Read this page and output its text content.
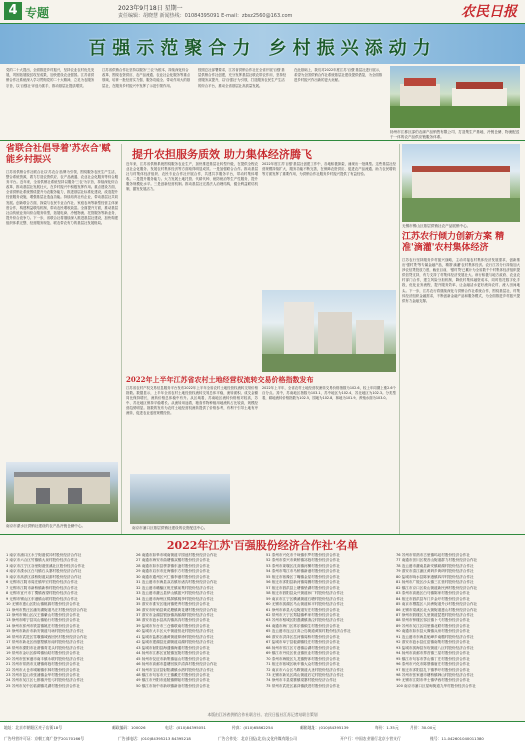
4 专题	2023年9月18日 星期一
责任编辑：胡晓慧 新闻热线：01084395091 E-mail：zbsz2560@163.com	农民日报
百强示范聚合力 乡村振兴添动力
党的二十大提出，全面推进乡村振兴，坚持农业农村优先发展，巩固拓展脱贫攻坚成果，加快建设农业强国。江苏省供销合作社系统深入学习贯彻党的二十大精神，立足为农服务宗旨，以'百强社'评选为抓手，推动基层社提质增效。
江苏省供销合作社坚持以服务'三农'为根本，持续深化综合改革，围绕农资供应、农产品流通、农业社会化服务等重点领域，培育一批经营实力强、服务功能全、带动作用大的基层社，在服务乡村振兴中发挥了示范引领作用。
按照总社部署要求，江苏省供销合作社在全省开展'百强'基层供销合作社创建，充分发挥基层社联农带农作用，坚持经营服务双提升，以'百强社'为引领，打造服务农民生产生活的综合平台，推动全省基层社高质量发展。
在此基础上，我们对2022年度江苏'百强'基层社进行展示，希望为全国供销合作社系统基层社建设提供借鉴，为全面推进乡村振兴作出新的更大贡献。
扬州市江都区邵伯农副产品销售有限公司，打造集生产基地、冷链仓储、物流配送于一体的农产品供应链服务体系。
省联合社倡导着'苏农合'赋能乡村振兴
江苏省供销合作社联合社以'苏农合'品牌为引领，围绕服务农民生产生活，整合系统资源，着力打造农资供应、农产品流通、农业社会化服务等综合服务平台。近年来，全省供销社系统坚持以服务'三农'为宗旨，持续深化综合改革，推动基层社发展壮大，在乡村振兴中积极发挥作用。重点建设方面，全省供销社系统围绕提升为农服务能力，推进基层社标准化建设，改造提升经营服务设施，增强基层社造血功能。持续培育社有企业，带动基层社共同发展。创新联合方面，探索与农民专业合作社、家庭农场等新型经营主体深度合作，构建利益联结机制，带动农民增收致富。全面提升方面，推动基层社由传统业务向综合服务转型，拓展电商、冷链物流、托管服务等新业务，提升综合竞争力。下一步，省联合社将继续深入推进基层社建设，加快构建组织体系完整、经营服务规范、联农带农有力的基层社发展格局。
南京市溧水区供销社建设的农产品冷链仓储中心。
提升农担服务质效 助力集体经济腾飞
近年来，江苏省供销系统围绕服务农业生产，加快推进基层社转型升级，在提供全程农业社会化服务、发展农村集体经济等方面取得明显成效。一是加强联合合作。推动基层社与村集体经济组织、农民专业合作社开展合作，共建共享服务平台，带动村集体增收。二是提升服务能力。大力发展土地托管、代耕代种、统防统治等生产性服务，提升服务规模化水平。三是创新经营机制。推动基层社完善法人治理结构，健全利益联结机制，激发发展活力。
2022年度江苏'百强'基层社创建工作中，各地积极探索，涌现出一批典型。这些基层社经营规模持续扩大，服务功能不断完善，在保障农资供应、促进农产品流通、助力农民增收等方面发挥了重要作用，为供销合作社服务乡村振兴提供了有益经验。
2022年上半年江苏省农村土地经营权流转交易价格指数发布
江苏省农村产权交易信息服务平台发布2022年上半年全省农村土地经营权流转交易价格指数。数据显示，上半年全省农村土地经营权流转交易总体平稳，流转面积、成交金额同比保持增长，流转价格总体稳中有升。从区域看，苏南地区流转价格相对较高，苏中、苏北地区保持平稳增长。从流转用途看，粮食作物种植用地流转占比较高，规模经营趋势明显。指数的发布为农村土地经营权流转提供了价格参考，有利于引导土地有序流转，促进农业适度规模经营。
2022年上半年，全省农村土地经营权流转交易价格指数为102.6，较上年同期上涨2.6个百分点。其中，苏南地区指数为103.1，苏中地区为102.4，苏北地区为102.3。分类型看，耕地流转价格指数为102.5，园地为102.8，林地为101.9，养殖水面为103.0。
南京市浦口区基层供销社建设的农资配送中心。
无锡市锡山区基层供销社农产品展销中心。
江苏农行倾力创新方案 精准'滴灌'农村集体经济
江苏农行坚持服务乡村振兴战略，主动对接农村集体经济发展需求，创新推出'强村贷'等专属金融产品，精准'滴灌'农村集体经济。农行江苏分行持续加大涉农信贷投放力度，截至目前，'强村贷'已累计为全省数千个村集体经济组织提供信贷支持，有力支持了村集体经济发展壮大。该行积极与地方政府、农业农村部门合作，建立风险分担机制，降低村集体融资成本，同时依托数字化手段，优化业务流程，提升服务效率，让金融活水更好流向农村、流入田间地头。下一步，江苏农行将继续深化与供销合作社系统合作，围绕基层社、村集体经济组织金融需求，不断创新金融产品和服务模式，为全面推进乡村振兴提供有力金融支撑。
2022年江苏'百强股份经济合作社'名单
1 南京市浦口区永宁街道侯冲村股份经济合作社
2 南京市六合区竹镇镇大泉村股份经济合作社
3 南京市江宁区谷里街道张溪社区股份经济合作社
4 南京市溧水区白马镇石头寨村股份经济合作社
5 南京市高淳区漆桥街道双游村股份经济合作社
6 无锡市江阴市周庄镇华宏村股份经济合作社
7 无锡市江阴市新桥镇新桥村股份经济合作社
8 无锡市宜兴市丁蜀镇西望村股份经济合作社
9 无锡市锡山区东港镇山联村股份经济合作社
10 无锡市惠山区阳山镇桃源村股份经济合作社
11 徐州市贾汪区潘安湖街道马庄村股份经济合作社
12 徐州市铜山区汉王镇紫山村股份经济合作社
13 徐州市睢宁县岚山镇船行村股份经济合作社
14 徐州市邳州市铁富镇姚庄村股份经济合作社
15 徐州市新沂市新安街道马场村股份经济合作社
16 常州市武进区雪堰镇城西回民村股份经济合作社
17 常州市新北区西夏墅镇东南村股份经济合作社
18 常州市溧阳市社渚镇青龙头村股份经济合作社
19 常州市金坛区薛埠镇仙姑村股份经济合作社
20 苏州市张家港市南丰镇永联村股份经济合作社
21 苏州市常熟市支塘镇蒋巷村股份经济合作社
22 苏州市太仓市城厢镇东林村股份经济合作社
23 苏州市昆山市张浦镇金华村股份经济合作社
24 苏州市吴江区七都镇开弦弓村股份经济合作社
25 苏州市吴中区临湖镇灵湖村股份经济合作社
26 南通市如皋市城南街道平园池村股份经济合作社
27 南通市海安市曲塘镇双楼村股份经济合作社
28 南通市如东县栟茶镇东凌村股份经济合作社
29 南通市启东市近海镇东方村股份经济合作社
30 南通市通州区兴仁镇李港村股份经济合作社
31 连云港市东海县双店镇东诸沟村股份经济合作社
32 连云港市赣榆区班庄镇前集村股份经济合作社
33 连云港市灌云县伊山镇振兴村股份经济合作社
34 连云港市海州区锦屏镇桃李村股份经济合作社
35 淮安市淮安区施河镇楚秀村股份经济合作社
36 淮安市盱眙县黄花塘镇黄花塘村股份经济合作社
37 淮安市金湖县银涂镇高邮湖村股份经济合作社
38 淮安市涟水县高沟镇高沟村股份经济合作社
39 盐城市东台市三仓镇联南村股份经济合作社
40 盐城市大丰区大中街道恒北村股份经济合作社
41 盐城市盐都区潘黄街道仰徐村股份经济合作社
42 盐城市建湖县近湖街道双湖村股份经济合作社
43 盐城市射阳县海通镇海通村股份经济合作社
44 扬州市江都区宜陵镇宜陵村股份经济合作社
45 扬州市仪征市新集镇庙山村股份经济合作社
46 扬州市高邮市菱塘回族乡清真村股份经济合作社
47 扬州市宝应县射阳湖镇水泗村股份经济合作社
48 镇江市句容市天王镇戴庄村股份经济合作社
49 镇江市丹阳市延陵镇柳茹村股份经济合作社
50 镇江市扬中市新坝镇新治村股份经济合作社
51 泰州市兴化市千垛镇东罗村股份经济合作社
52 泰州市泰兴市黄桥镇祁巷村股份经济合作社
53 泰州市姜堰区沈高镇河横村股份经济合作社
54 泰州市靖江市马桥镇新港村股份经济合作社
55 宿迁市宿豫区丁嘴镇金星村股份经济合作社
56 宿迁市沭阳县新河镇周圈村股份经济合作社
57 宿迁市泗洪县上塘镇垫湖村股份经济合作社
58 宿迁市泗阳县众兴街道孙厂村股份经济合作社
59 南京市江宁区横溪街道石塘村股份经济合作社
60 无锡市滨湖区马山街道和平村股份经济合作社
61 徐州市沛县大屯街道安庄村股份经济合作社
62 常州市天宁区郑陆镇牟家村股份经济合作社
63 苏州市相城区阳澄湖镇消泾村股份经济合作社
64 南通市海门区常乐镇颐生村股份经济合作社
65 连云港市连云区高公岛街道黄窝村股份经济合作社
66 淮安市洪泽区岔河镇周桥村股份经济合作社
67 盐城市阜宁县板湖镇桂庄村股份经济合作社
68 扬州市邗江区方巷镇沿湖村股份经济合作社
69 镇江市丹徒区世业镇世业村股份经济合作社
70 泰州市海陵区九龙镇野沐村股份经济合作社
71 宿迁市宿城区耿车镇大众村股份经济合作社
72 南京市六合区马鞍街道大圣村股份经济合作社
73 无锡市新吴区鸿山街道后宅村股份经济合作社
74 徐州市丰县梁寨镇梁寨村股份经济合作社
75 常州市武进区嘉泽镇跃进村股份经济合作社
76 苏州市常熟市古里镇坞坵村股份经济合作社
77 南通市崇川区观音山街道群力村股份经济合作社
78 连云港市灌南县新安镇硕湖村股份经济合作社
79 淮安市清江浦区黄码乡黄码村股份经济合作社
80 盐城市响水县陈家港镇四岸村股份经济合作社
81 扬州市广陵区沙头镇三江营村股份经济合作社
82 镇江市京口区象山街道新民洲村股份经济合作社
83 泰州市高港区白马镇陈家村股份经济合作社
84 宿迁市泗洪县车门乡金圩村股份经济合作社
85 南京市栖霞区八卦洲街道外沙村股份经济合作社
86 无锡市梁溪区北大街街道惠山村股份经济合作社
87 徐州市鼓楼区九里街道琵琶村股份经济合作社
88 常州市钟楼区邹区镇卜弋村股份经济合作社
89 苏州市吴江区同里镇北联村股份经济合作社
90 南通市如东县大豫镇兵房村股份经济合作社
91 连云港市东海县驼峰乡南榴村股份经济合作社
92 淮安市涟水县红窑镇南集村股份经济合作社
93 盐城市滨海县东坎街道八巨村股份经济合作社
94 扬州市高邮市界首镇三星村股份经济合作社
95 镇江市句容市茅山镇丁庄村股份经济合作社
96 泰州市兴化市陈堡镇唐庄村股份经济合作社
97 宿迁市沭阳县扎下镇季圩村股份经济合作社
98 苏州市张家港市塘桥镇韩山村股份经济合作社
99 无锡市江阴市华士镇华西村股份经济合作社
100 南京市浦口区星甸街道九华村股份经济合作社
本版由江苏省供销合作社联合社、农民日报社江苏记者站联合策划
地址：北京市朝阳区麦子店街18号	邮政编码：100026	电话：(010)84395051	传真：(010)65862254	邮箱地址：(010)84395139	每份：1.35元	月价：30.00元
广告经营许可证：京朝工商广登字20170166号	广告部电话：(010)84395213 84395218	广告合作处：北京日报(北京)文化传媒有限公司	开户行：中国农业银行北京小营支行	账号：11-042601040011380
